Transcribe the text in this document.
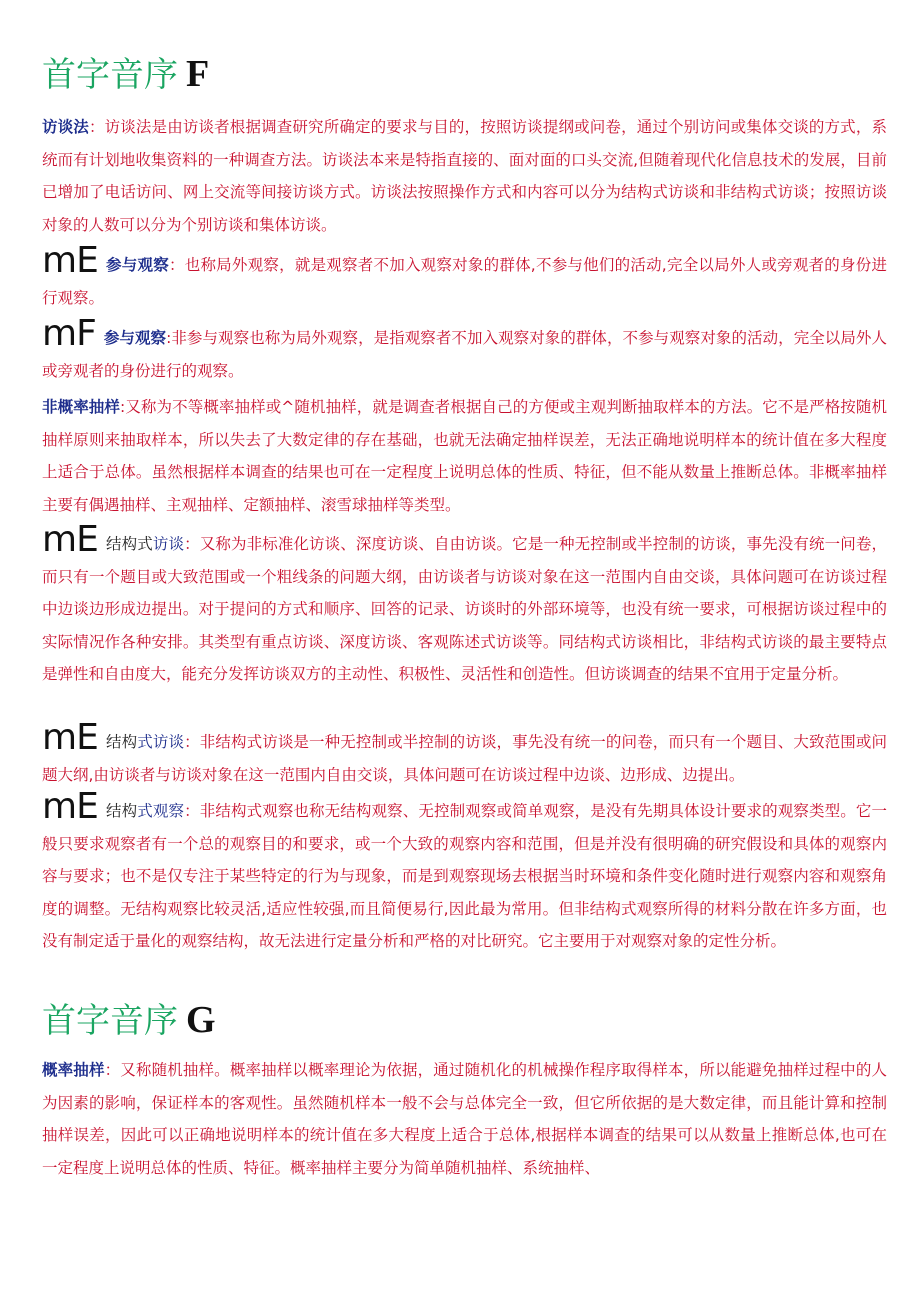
首字音序 F
访谈法：访谈法是由访谈者根据调查研究所确定的要求与目的，按照访谈提纲或问卷，通过个别访问或集体交谈的方式，系统而有计划地收集资料的一种调查方法。访谈法本来是特指直接的、面对面的口头交流,但随着现代化信息技术的发展，目前已增加了电话访问、网上交流等间接访谈方式。访谈法按照操作方式和内容可以分为结构式访谈和非结构式访谈；按照访谈对象的人数可以分为个别访谈和集体访谈。
mE 参与观察：也称局外观察，就是观察者不加入观察对象的群体,不参与他们的活动,完全以局外人或旁观者的身份进行观察。
mF 参与观察:非参与观察也称为局外观察，是指观察者不加入观察对象的群体，不参与观察对象的活动，完全以局外人或旁观者的身份进行的观察。
非概率抽样:又称为不等概率抽样或^随机抽样，就是调查者根据自己的方便或主观判断抽取样本的方法。它不是严格按随机抽样原则来抽取样本，所以失去了大数定律的存在基础，也就无法确定抽样误差，无法正确地说明样本的统计值在多大程度上适合于总体。虽然根据样本调查的结果也可在一定程度上说明总体的性质、特征，但不能从数量上推断总体。非概率抽样主要有偶遇抽样、主观抽样、定额抽样、滚雪球抽样等类型。
mE 结构式访谈：又称为非标准化访谈、深度访谈、自由访谈。它是一种无控制或半控制的访谈，事先没有统一问卷，而只有一个题目或大致范围或一个粗线条的问题大纲，由访谈者与访谈对象在这一范围内自由交谈，具体问题可在访谈过程中边谈边形成边提出。对于提问的方式和顺序、回答的记录、访谈时的外部环境等，也没有统一要求，可根据访谈过程中的实际情况作各种安排。其类型有重点访谈、深度访谈、客观陈述式访谈等。同结构式访谈相比，非结构式访谈的最主要特点是弹性和自由度大，能充分发挥访谈双方的主动性、积极性、灵活性和创造性。但访谈调查的结果不宜用于定量分析。
mE 结构式访谈：非结构式访谈是一种无控制或半控制的访谈，事先没有统一的问卷，而只有一个题目、大致范围或问题大纲,由访谈者与访谈对象在这一范围内自由交谈，具体问题可在访谈过程中边谈、边形成、边提出。
mE 结构式观察：非结构式观察也称无结构观察、无控制观察或简单观察，是没有先期具体设计要求的观察类型。它一般只要求观察者有一个总的观察目的和要求，或一个大致的观察内容和范围，但是并没有很明确的研究假设和具体的观察内容与要求；也不是仅专注于某些特定的行为与现象，而是到观察现场去根据当时环境和条件变化随时进行观察内容和观察角度的调整。无结构观察比较灵活,适应性较强,而且简便易行,因此最为常用。但非结构式观察所得的材料分散在许多方面，也没有制定适于量化的观察结构，故无法进行定量分析和严格的对比研究。它主要用于对观察对象的定性分析。
首字音序 G
概率抽样：又称随机抽样。概率抽样以概率理论为依据，通过随机化的机械操作程序取得样本，所以能避免抽样过程中的人为因素的影响，保证样本的客观性。虽然随机样本一般不会与总体完全一致，但它所依据的是大数定律，而且能计算和控制抽样误差，因此可以正确地说明样本的统计值在多大程度上适合于总体,根据样本调查的结果可以从数量上推断总体,也可在一定程度上说明总体的性质、特征。概率抽样主要分为简单随机抽样、系统抽样、
